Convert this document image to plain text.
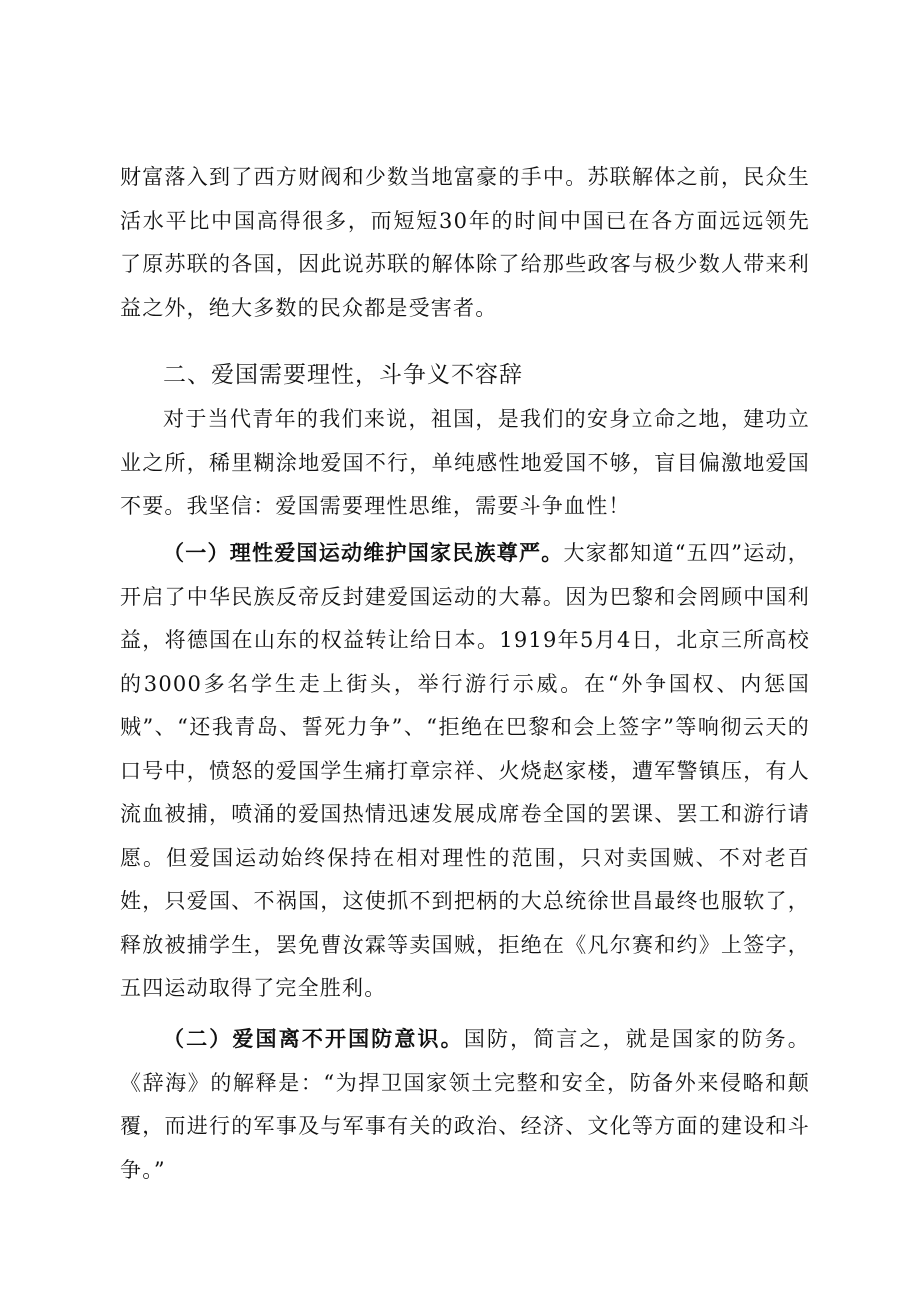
财富落入到了西方财阀和少数当地富豪的手中。苏联解体之前，民众生活水平比中国高得很多，而短短30年的时间中国已在各方面远远领先了原苏联的各国，因此说苏联的解体除了给那些政客与极少数人带来利益之外，绝大多数的民众都是受害者。

二、爱国需要理性，斗争义不容辞

对于当代青年的我们来说，祖国，是我们的安身立命之地，建功立业之所，稀里糊涂地爱国不行，单纯感性地爱国不够，盲目偏激地爱国不要。我坚信：爱国需要理性思维，需要斗争血性！

（一）理性爱国运动维护国家民族尊严。大家都知道“五四”运动，开启了中华民族反帝反封建爱国运动的大幕。因为巴黎和会罔顾中国利益，将德国在山东的权益转让给日本。1919年5月4日，北京三所高校的3000多名学生走上街头，举行游行示威。在“外争国权、内惩国贼”、“还我青岛、誓死力争”、“拒绝在巴黎和会上签字”等响彻云天的口号中，愤怒的爱国学生痛打章宗祥、火烧赵家楼，遭军警镇压，有人流血被捕，喷涌的爱国热情迅速发展成席卷全国的罢课、罢工和游行请愿。但爱国运动始终保持在相对理性的范围，只对卖国贼、不对老百姓，只爱国、不祸国，这使抓不到把柄的大总统徐世昌最终也服软了，释放被捕学生，罢免曹汝霖等卖国贼，拒绝在《凡尔赛和约》上签字，五四运动取得了完全胜利。

（二）爱国离不开国防意识。国防，简言之，就是国家的防务。《辞海》的解释是：“为捍卫国家领土完整和安全，防备外来侵略和颠覆，而进行的军事及与军事有关的政治、经济、文化等方面的建设和斗争。”
